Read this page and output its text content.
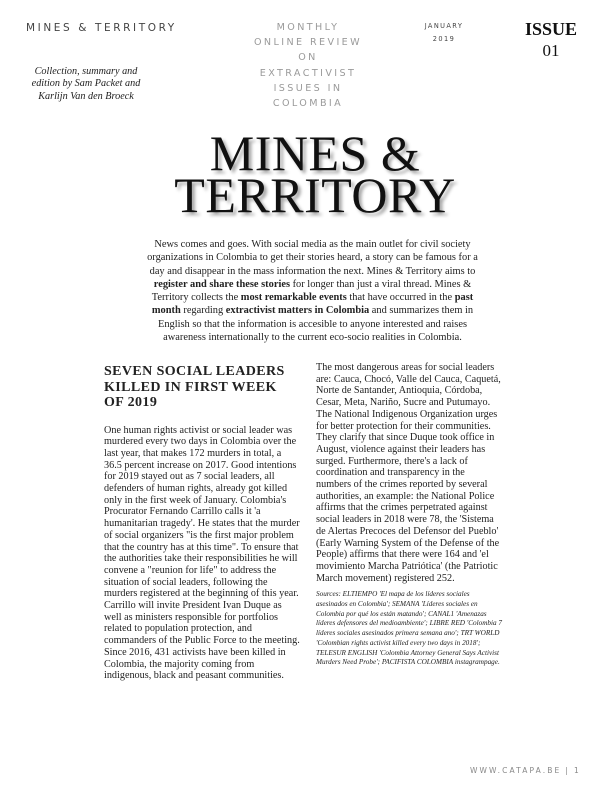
MINES & TERRITORY	MONTHLY
ONLINE REVIEW
ON
EXTRACTIVIST
ISSUES IN
COLOMBIA
JANUARY
2019	ISSUE
01
Collection, summary and edition by Sam Packet and Karlijn Van den Broeck
MINES &
TERRITORY
News comes and goes. With social media as the main outlet for civil society organizations in Colombia to get their stories heard, a story can be famous for a day and disappear in the mass information the next. Mines & Territory aims to register and share these stories for longer than just a viral thread. Mines & Territory collects the most remarkable events that have occurred in the past month regarding extractivist matters in Colombia and summarizes them in English so that the information is accesible to anyone interested and raises awareness internationally to the current eco-socio realities in Colombia.
SEVEN SOCIAL LEADERS KILLED IN FIRST WEEK OF 2019

One human rights activist or social leader was murdered every two days in Colombia over the last year, that makes 172 murders in total, a 36.5 percent increase on 2017. Good intentions for 2019 stayed out as 7 social leaders, all defenders of human rights, already got killed only in the first week of January. Colombia's Procurator Fernando Carrillo calls it 'a humanitarian tragedy'. He states that the murder of social organizers "is the first major problem that the country has at this time". To ensure that the authorities take their responsibilities he will convene a "reunion for life" to address the situation of social leaders, following the murders registered at the beginning of this year. Carrillo will invite President Ivan Duque as well as ministers responsible for portfolios related to population protection, and commanders of the Public Force to the meeting. Since 2016, 431 activists have been killed in Colombia, the majority coming from indigenous, black and peasant communities.

The most dangerous areas for social leaders are: Cauca, Chocó, Valle del Cauca, Caquetá, Norte de Santander, Antioquia, Córdoba, Cesar, Meta, Nariño, Sucre and Putumayo.

The National Indigenous Organization urges for better protection for their communities. They clarify that since Duque took office in August, violence against their leaders has surged. Furthermore, there's a lack of coordination and transparency in the numbers of the crimes reported by several authorities, an example: the National Police affirms that the crimes perpetrated against social leaders in 2018 were 78, the 'Sistema de Alertas Precoces del Defensor del Pueblo' (Early Warning System of the Defense of the People) affirms that there were 164 and 'el movimiento Marcha Patriótica' (the Patriotic March movement) registered 252.

Sources: ELTIEMPO 'El mapa de los líderes sociales asesinados en Colombia'; SEMANA 'Líderes sociales en Colombia por qué los están matando'; CANAL1 'Amenazas líderes defensores del medioambiente'; LIBRE RED 'Colombia 7 líderes sociales asesinados primera semana ano'; TRT WORLD 'Colombian rights activist killed every two days in 2018'; TELESUR ENGLISH 'Colombia Attorney General Says Activist Murders Need Probe'; PACIFISTA COLOMBIA instagrampage.
WWW.CATAPA.BE | 1
